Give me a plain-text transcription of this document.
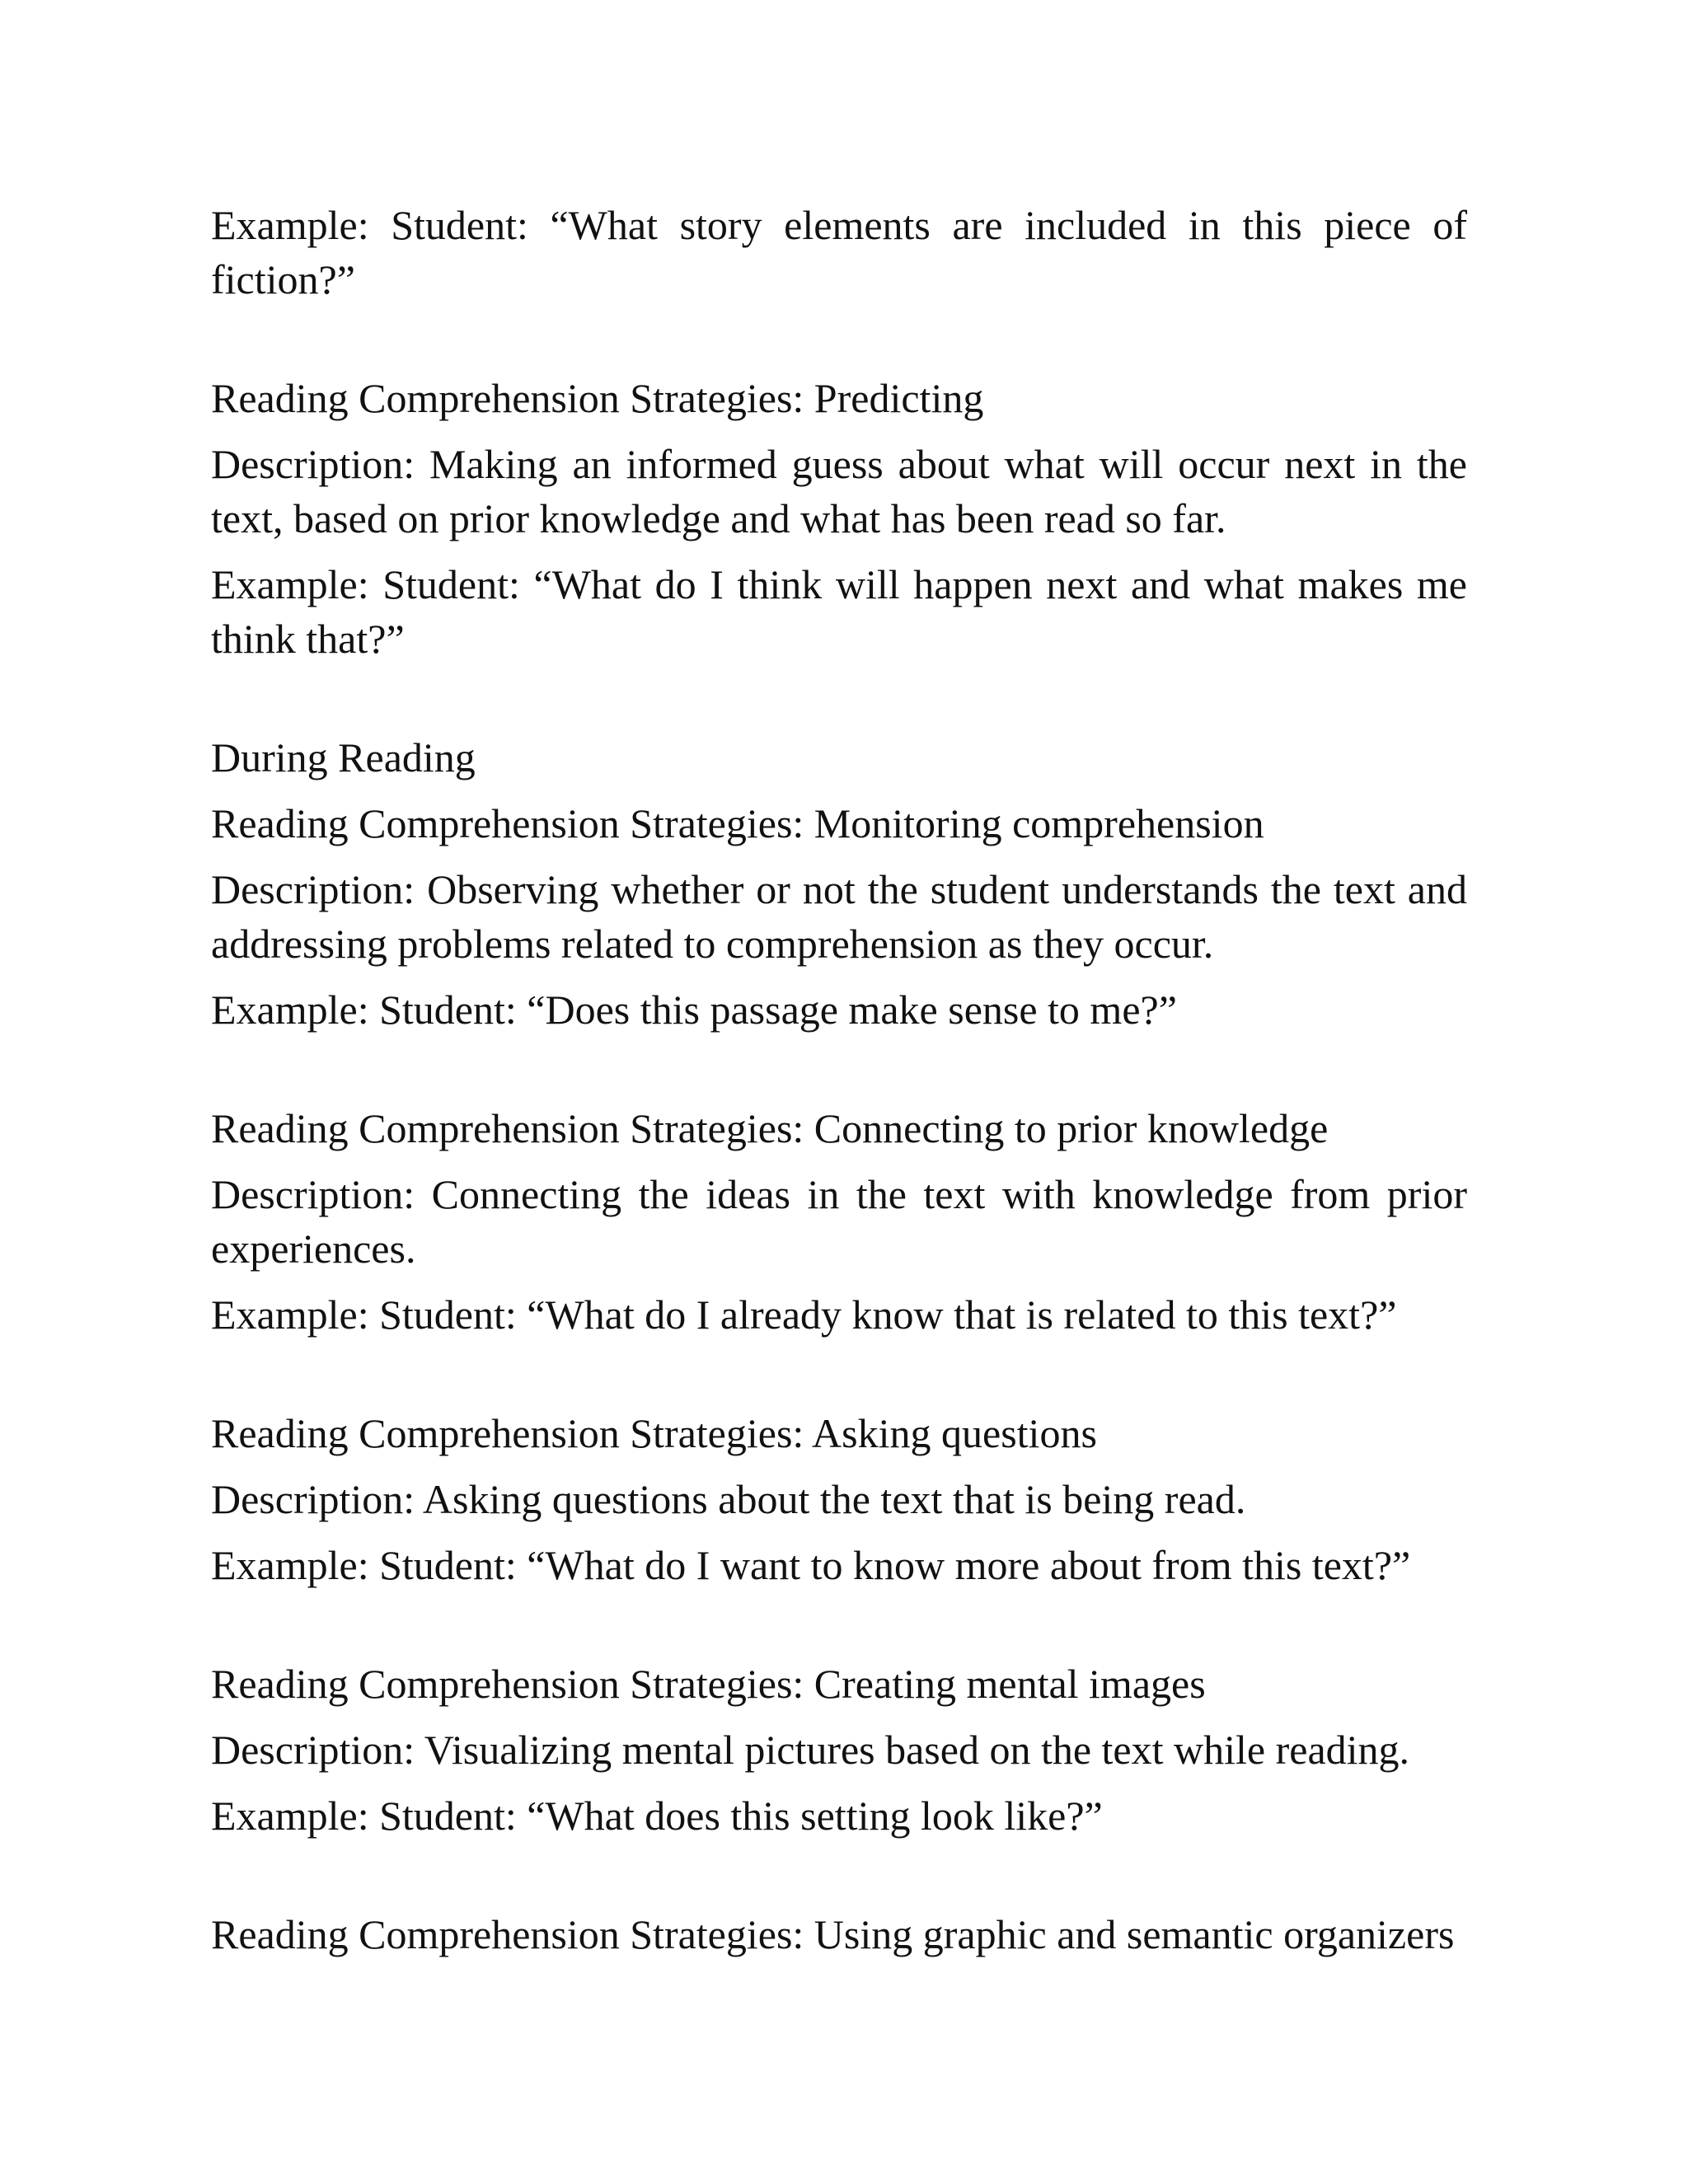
Example: Student: “What story elements are included in this piece of fiction?”

Reading Comprehension Strategies: Predicting

Description: Making an informed guess about what will occur next in the text, based on prior knowledge and what has been read so far.

Example: Student: “What do I think will happen next and what makes me think that?”

During Reading

Reading Comprehension Strategies: Monitoring comprehension

Description: Observing whether or not the student understands the text and addressing problems related to comprehension as they occur.

Example: Student: “Does this passage make sense to me?”

Reading Comprehension Strategies: Connecting to prior knowledge

Description: Connecting the ideas in the text with knowledge from prior experiences.

Example: Student: “What do I already know that is related to this text?”

Reading Comprehension Strategies: Asking questions

Description: Asking questions about the text that is being read.

Example: Student: “What do I want to know more about from this text?”

Reading Comprehension Strategies: Creating mental images

Description: Visualizing mental pictures based on the text while reading.

Example: Student: “What does this setting look like?”

Reading Comprehension Strategies: Using graphic and semantic organizers
